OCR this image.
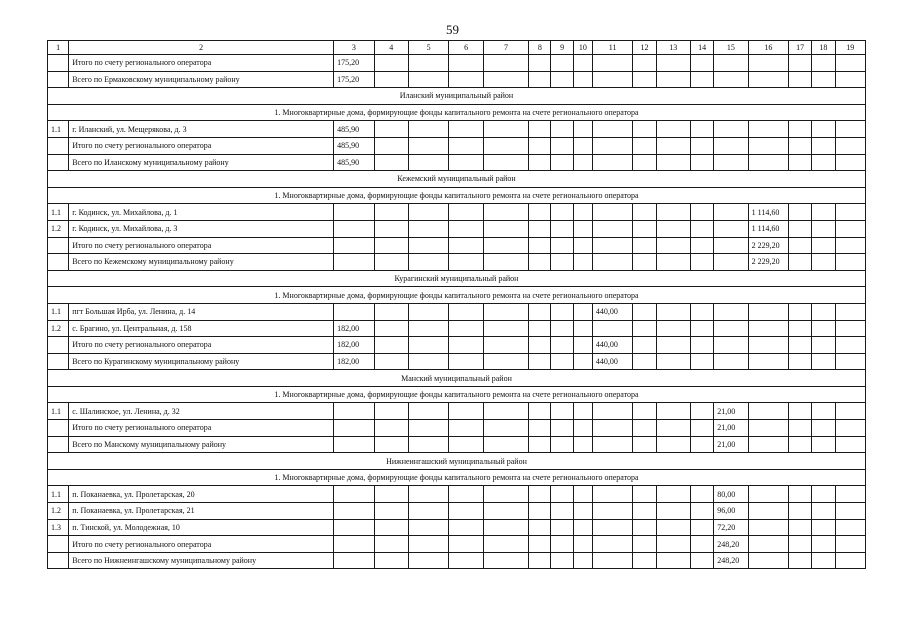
59
1	2	3	4	5	6	7	8	9	10	11	12	13	14	15	16	17	18	19
	Итого по счету регионального оператора	175,20																
	Всего по Ермаковскому муниципальному району	175,20																
Иланский муниципальный район																		
1. Многоквартирные дома, формирующие фонды капитального ремонта на счете регионального оператора																		
1.1	г. Иланский, ул. Мещерякова, д. 3	485,90																
	Итого по счету регионального оператора	485,90																
	Всего по Иланскому муниципальному району	485,90																
Кежемский муниципальный район																		
1. Многоквартирные дома, формирующие фонды капитального ремонта на счете регионального оператора																		
1.1	г. Кодинск, ул. Михайлова, д. 1														1 114,60			
1.2	г. Кодинск, ул. Михайлова, д. 3														1 114,60			
	Итого по счету регионального оператора														2 229,20			
	Всего по Кежемскому муниципальному району														2 229,20			
Курагинский муниципальный район																		
1. Многоквартирные дома, формирующие фонды капитального ремонта на счете регионального оператора																		
1.1	пгт Большая Ирба, ул. Ленина, д. 14									440,00								
1.2	с. Брагино, ул. Центральная, д. 158	182,00																
	Итого по счету регионального оператора	182,00								440,00								
	Всего по Курагинскому муниципальному району	182,00								440,00								
Манский муниципальный район																		
1. Многоквартирные дома, формирующие фонды капитального ремонта на счете регионального оператора																		
1.1	с. Шалинское, ул. Ленина, д. 32													21,00				
	Итого по счету регионального оператора													21,00				
	Всего по Манскому муниципальному району													21,00				
Нижнеингашский муниципальный район																		
1. Многоквартирные дома, формирующие фонды капитального ремонта на счете регионального оператора																		
1.1	п. Поканаевка, ул. Пролетарская, 20													80,00				
1.2	п. Поканаевка, ул. Пролетарская, 21													96,00				
1.3	п. Тинской, ул. Молодежная, 10													72,20				
	Итого по счету регионального оператора													248,20				
	Всего по Нижнеингашскому муниципальному району													248,20				
